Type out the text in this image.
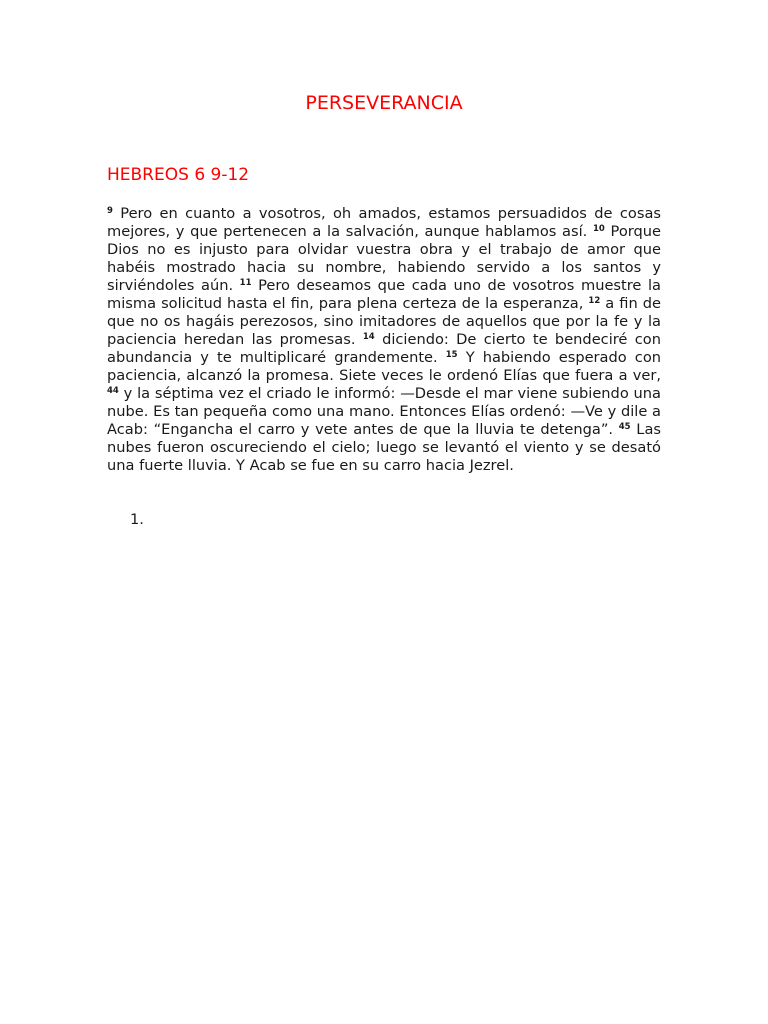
PERSEVERANCIA
HEBREOS 6 9-12

$^9$ Pero en cuanto a vosotros, oh amados, estamos persuadidos de cosas mejores, y que pertenecen a la salvación, aunque hablamos así. $^{10}$ Porque Dios no es injusto para olvidar vuestra obra y el trabajo de amor que habéis mostrado hacia su nombre, habiendo servido a los santos y sirviéndoles aún. $^{11}$ Pero deseamos que cada uno de vosotros muestre la misma solicitud hasta el fin, para plena certeza de la esperanza, $^{12}$ a fin de que no os hagáis perezosos, sino imitadores de aquellos que por la fe y la paciencia heredan las promesas. $^{14}$ diciendo: De cierto te bendeciré con abundancia y te multiplicaré grandemente. $^{15}$ Y habiendo esperado con paciencia, alcanzó la promesa. Siete veces le ordenó Elías que fuera a ver, $^{44}$ y la séptima vez el criado le informó: —Desde el mar viene subiendo una nube. Es tan pequeña como una mano. Entonces Elías ordenó: —Ve y dile a Acab: “Engancha el carro y vete antes de que la lluvia te detenga”. $^{45}$ Las nubes fueron oscureciendo el cielo; luego se levantó el viento y se desató una fuerte lluvia. Y Acab se fue en su carro hacia Jezrel.

1.
